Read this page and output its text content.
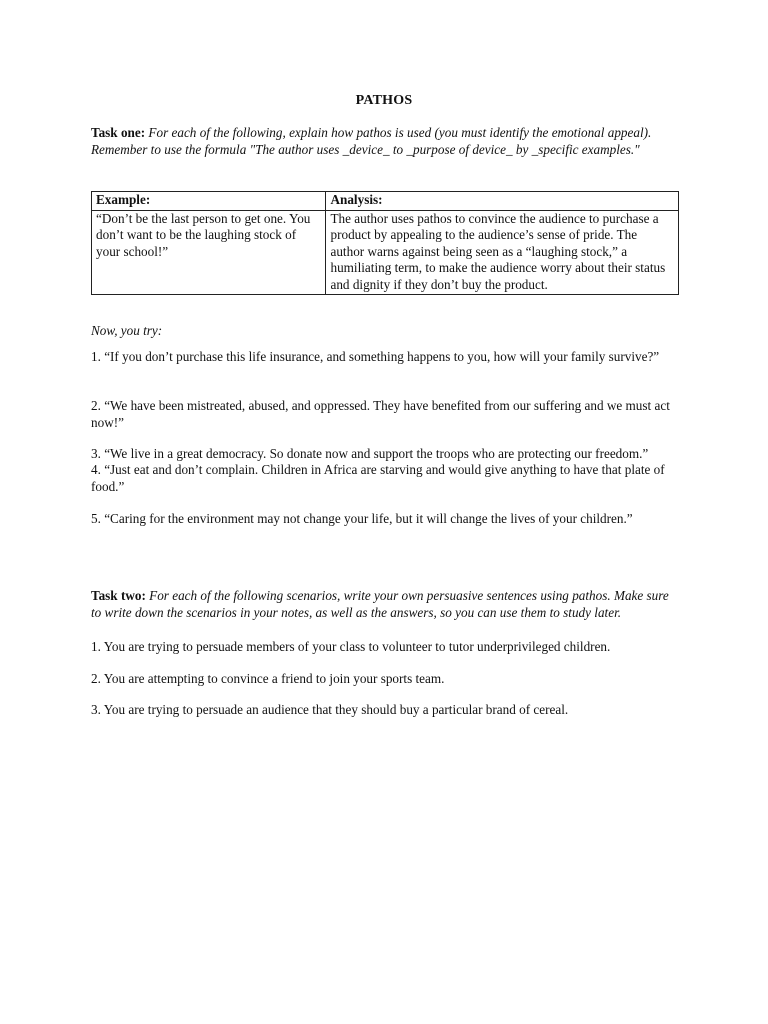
PATHOS
Task one: For each of the following, explain how pathos is used (you must identify the emotional appeal). Remember to use the formula "The author uses _device_ to _purpose of device_ by _specific examples."
Example:	Analysis:
“Don’t be the last person to get one. You don’t want to be the laughing stock of your school!”	The author uses pathos to convince the audience to purchase a product by appealing to the audience’s sense of pride. The author warns against being seen as a “laughing stock,” a humiliating term, to make the audience worry about their status and dignity if they don’t buy the product.
Now, you try:
1. “If you don’t purchase this life insurance, and something happens to you, how will your family survive?”
2. “We have been mistreated, abused, and oppressed. They have benefited from our suffering and we must act now!”
3. “We live in a great democracy. So donate now and support the troops who are protecting our freedom.”
4. “Just eat and don’t complain. Children in Africa are starving and would give anything to have that plate of food.”
5. “Caring for the environment may not change your life, but it will change the lives of your children.”
Task two: For each of the following scenarios, write your own persuasive sentences using pathos. Make sure to write down the scenarios in your notes, as well as the answers, so you can use them to study later.
1. You are trying to persuade members of your class to volunteer to tutor underprivileged children.
2. You are attempting to convince a friend to join your sports team.
3. You are trying to persuade an audience that they should buy a particular brand of cereal.
